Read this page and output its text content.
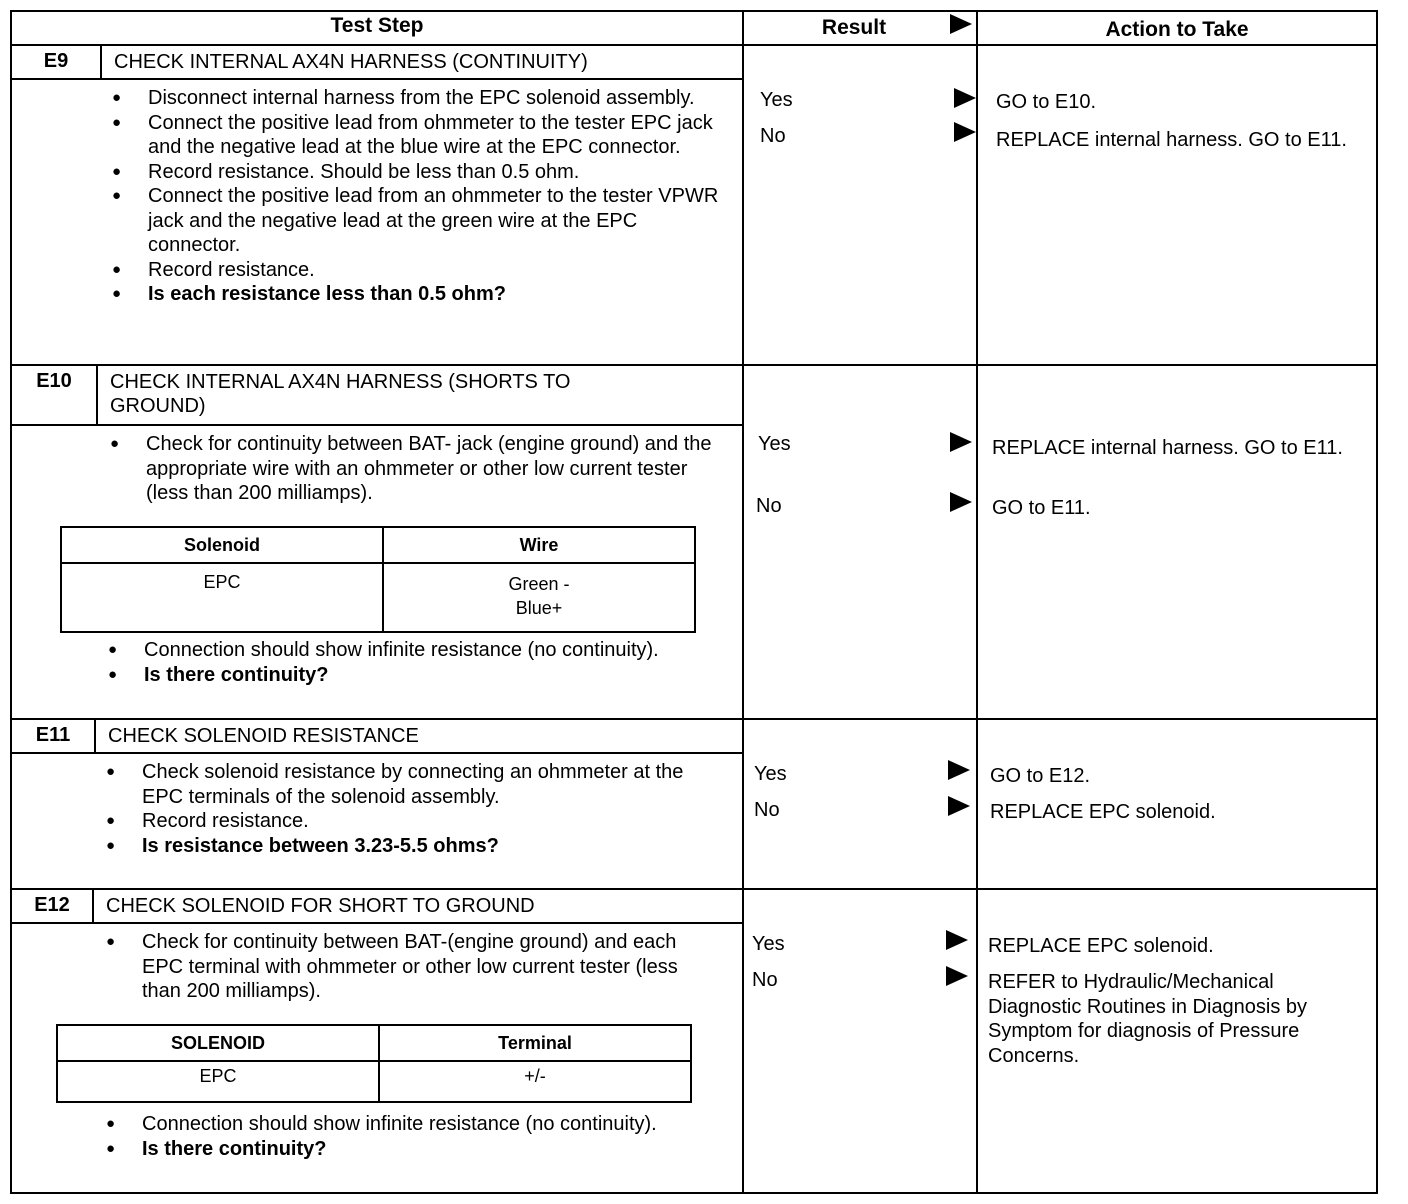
Test Step	Result	Action to Take
E9	CHECK INTERNAL AX4N HARNESS (CONTINUITY)
● Disconnect internal harness from the EPC solenoid assembly.
● Connect the positive lead from ohmmeter to the tester EPC jack and the negative lead at the blue wire at the EPC connector.
● Record resistance. Should be less than 0.5 ohm.
● Connect the positive lead from an ohmmeter to the tester VPWR jack and the negative lead at the green wire at the EPC connector.
● Record resistance.
● Is each resistance less than 0.5 ohm?
Yes	GO to E10.
No	REPLACE internal harness. GO to E11.
E10	CHECK INTERNAL AX4N HARNESS (SHORTS TO GROUND)
● Check for continuity between BAT- jack (engine ground) and the appropriate wire with an ohmmeter or other low current tester (less than 200 milliamps).
Solenoid	Wire
EPC	Green -
Blue+
● Connection should show infinite resistance (no continuity).
● Is there continuity?
Yes	REPLACE internal harness. GO to E11.
No	GO to E11.
E11	CHECK SOLENOID RESISTANCE
● Check solenoid resistance by connecting an ohmmeter at the EPC terminals of the solenoid assembly.
● Record resistance.
● Is resistance between 3.23-5.5 ohms?
Yes	GO to E12.
No	REPLACE EPC solenoid.
E12	CHECK SOLENOID FOR SHORT TO GROUND
● Check for continuity between BAT-(engine ground) and each EPC terminal with ohmmeter or other low current tester (less than 200 milliamps).
SOLENOID	Terminal
EPC	+/-
● Connection should show infinite resistance (no continuity).
● Is there continuity?
Yes	REPLACE EPC solenoid.
No	REFER to Hydraulic/Mechanical Diagnostic Routines in Diagnosis by Symptom for diagnosis of Pressure Concerns.
